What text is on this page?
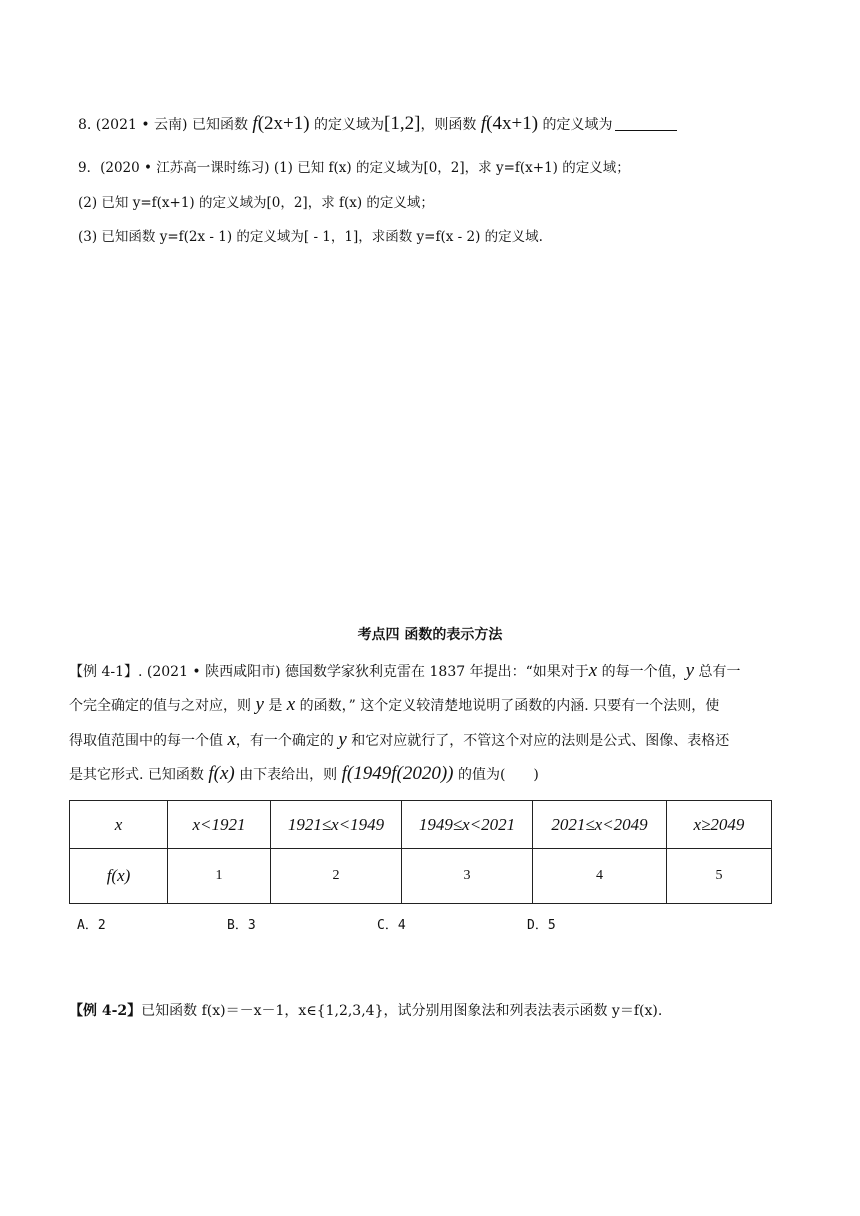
8. (2021 • 云南) 已知函数 f(2x+1) 的定义域为[1,2]，则函数 f(4x+1) 的定义域为
9．(2020 • 江苏高一课时练习) (1) 已知 f(x) 的定义域为[0，2]，求 y=f(x+1) 的定义域；
(2) 已知 y=f(x+1) 的定义域为[0，2]，求 f(x) 的定义域；
(3) 已知函数 y=f(2x - 1) 的定义域为[ - 1，1]，求函数 y=f(x - 2) 的定义域.
考点四 函数的表示方法
【例 4-1】. (2021 • 陕西咸阳市) 德国数学家狄利克雷在 1837 年提出：“如果对于x 的每一个值，y 总有一
个完全确定的值与之对应，则 y 是 x 的函数，” 这个定义较清楚地说明了函数的内涵. 只要有一个法则，使
得取值范围中的每一个值 x，有一个确定的 y 和它对应就行了，不管这个对应的法则是公式、图像、表格还
是其它形式. 已知函数 f(x) 由下表给出，则 f(1949f(2020)) 的值为(　　)
x	x<1921	1921≤x<1949	1949≤x<2021	2021≤x<2049	x≥2049
f(x)	1	2	3	4	5
A．2	B．3	C．4	D．5
【例 4-2】已知函数 f(x)＝－x－1，x∈{1,2,3,4}，试分别用图象法和列表法表示函数 y＝f(x).
